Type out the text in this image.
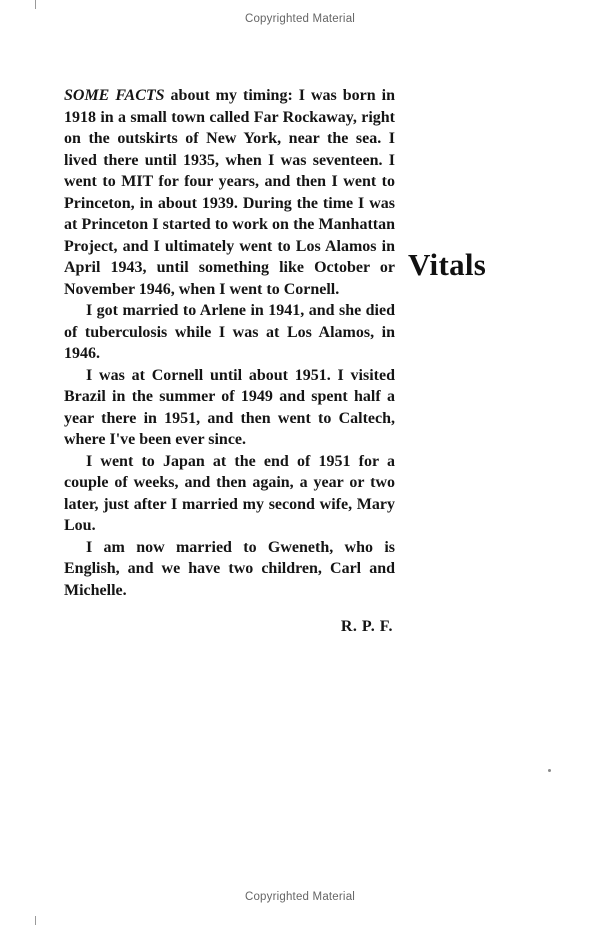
Copyrighted Material

SOME FACTS about my timing: I was born in 1918 in a small town called Far Rockaway, right on the outskirts of New York, near the sea. I lived there until 1935, when I was seventeen. I went to MIT for four years, and then I went to Princeton, in about 1939. During the time I was at Princeton I started to work on the Manhattan Project, and I ultimately went to Los Alamos in April 1943, until something like October or November 1946, when I went to Cornell.

I got married to Arlene in 1941, and she died of tuberculosis while I was at Los Alamos, in 1946.

I was at Cornell until about 1951. I visited Brazil in the summer of 1949 and spent half a year there in 1951, and then went to Caltech, where I've been ever since.

I went to Japan at the end of 1951 for a couple of weeks, and then again, a year or two later, just after I married my second wife, Mary Lou.

I am now married to Gweneth, who is English, and we have two children, Carl and Michelle.

R. P. F.
Vitals
Copyrighted Material
